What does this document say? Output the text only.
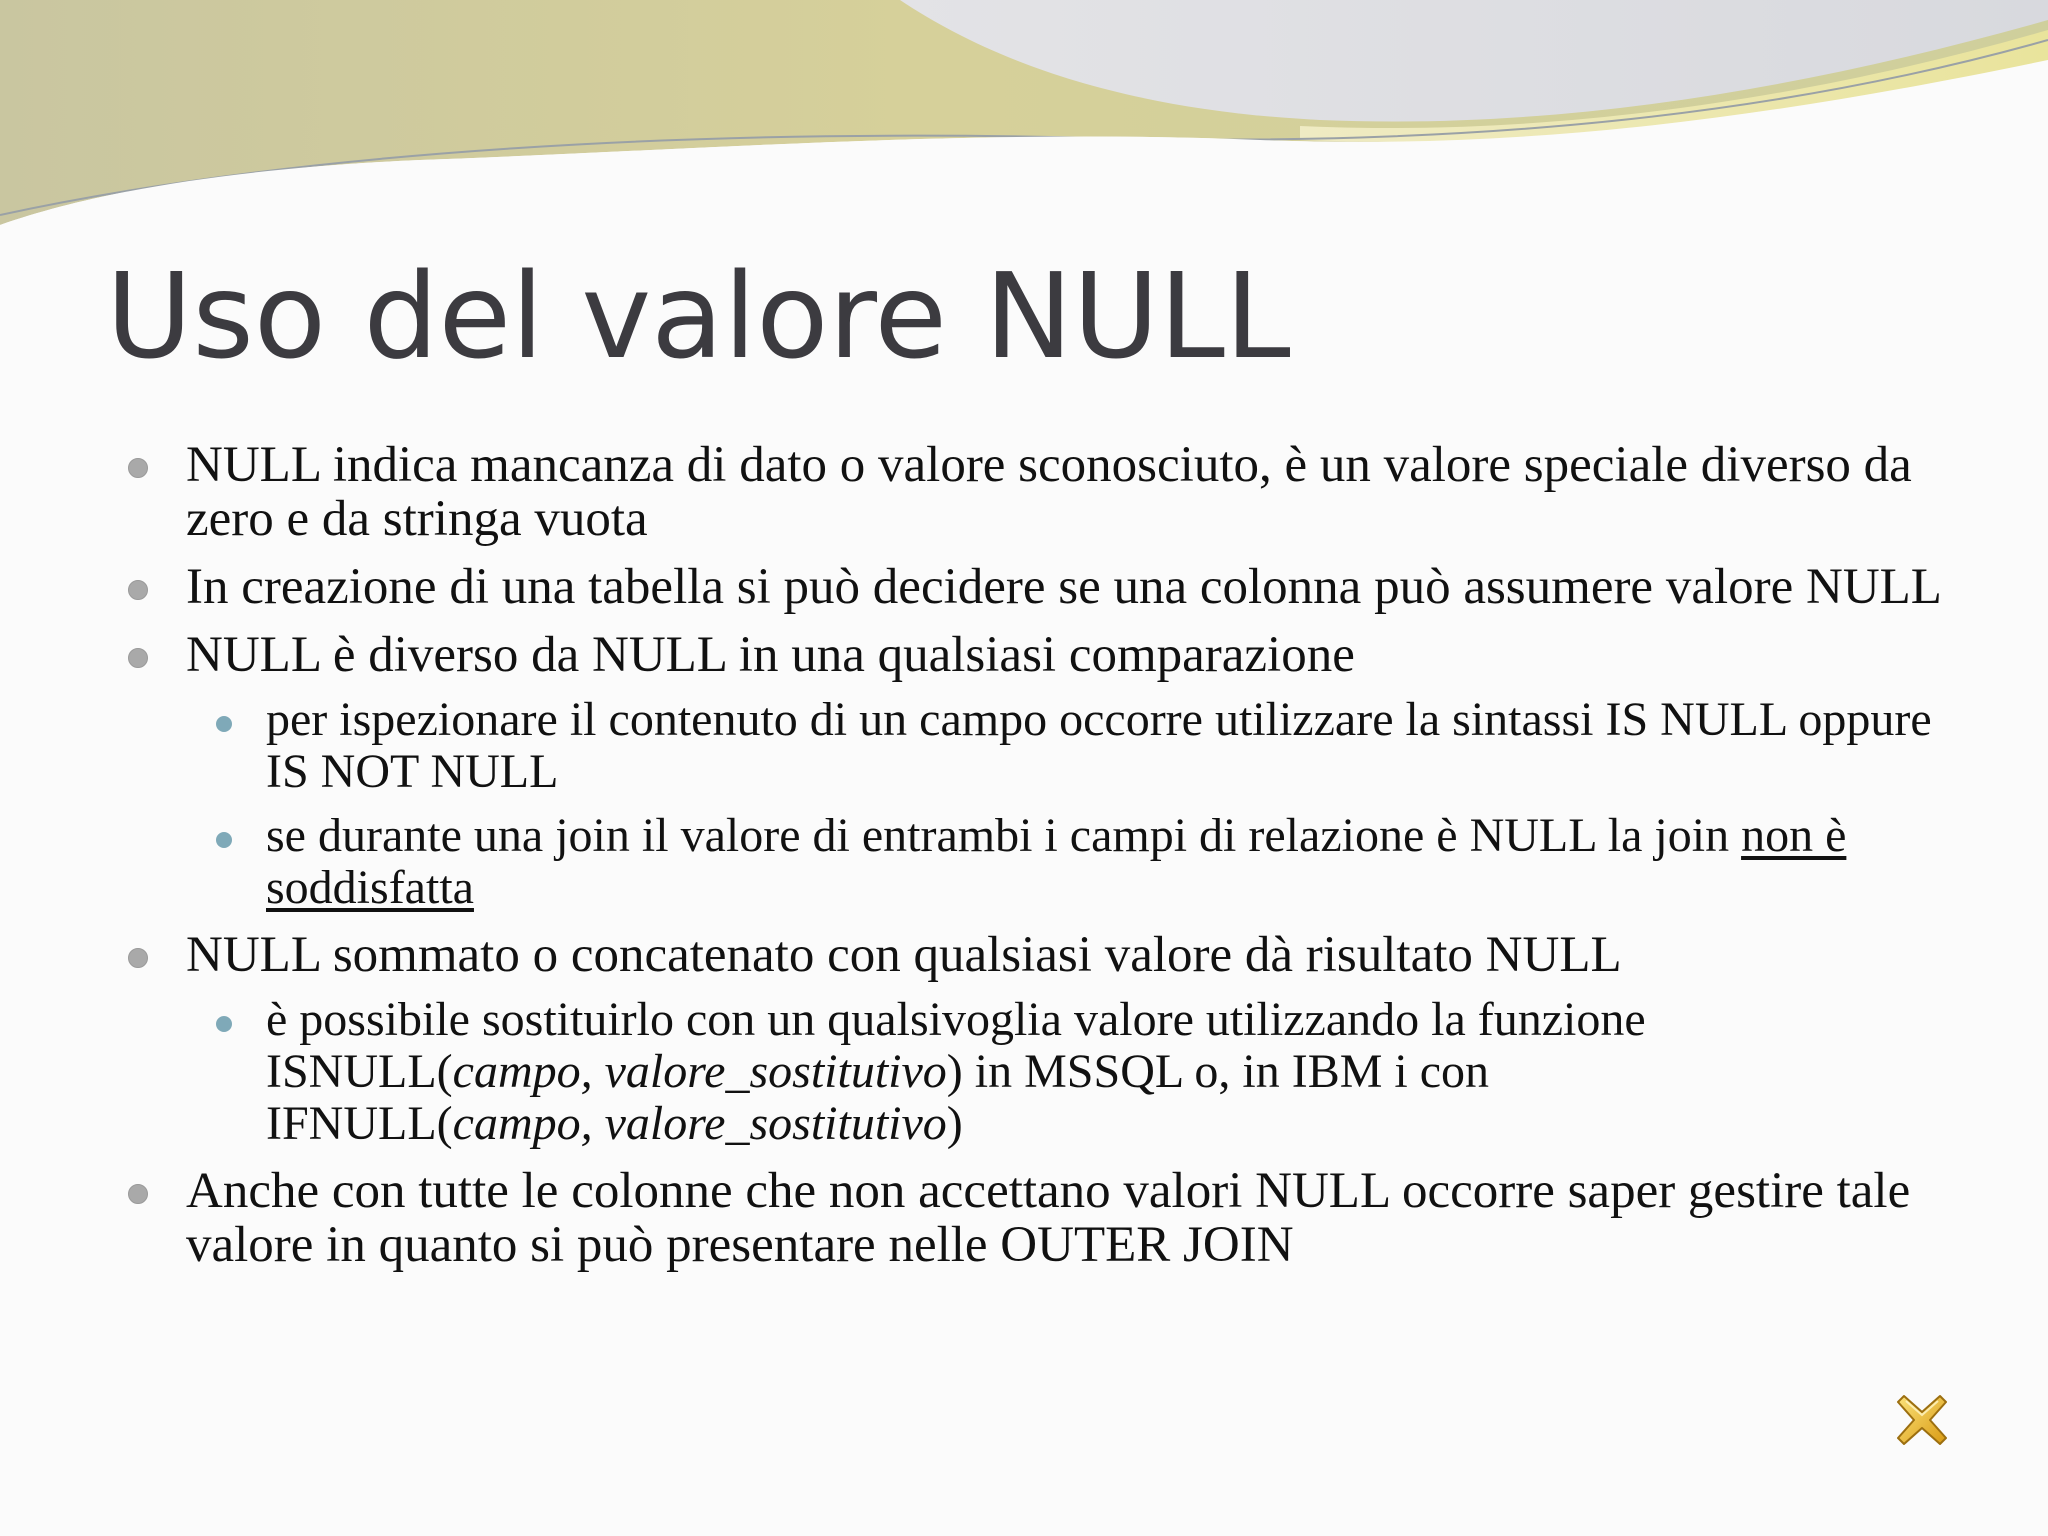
Uso del valore NULL
NULL indica mancanza di dato o valore sconosciuto, è un valore speciale diverso da zero e da stringa vuota
In creazione di una tabella si può decidere se una colonna può assumere valore NULL
NULL è diverso da NULL in una qualsiasi comparazione
per ispezionare il contenuto di un campo occorre utilizzare la sintassi IS NULL oppure IS NOT NULL
se durante una join il valore di entrambi i campi di relazione è NULL la join non è soddisfatta
NULL sommato o concatenato con qualsiasi valore dà risultato NULL
è possibile sostituirlo con un qualsivoglia valore utilizzando la funzione
ISNULL(campo, valore_sostitutivo) in MSSQL o, in IBM i con
IFNULL(campo, valore_sostitutivo)
Anche con tutte le colonne che non accettano valori NULL occorre saper gestire tale valore in quanto si può presentare nelle OUTER JOIN
